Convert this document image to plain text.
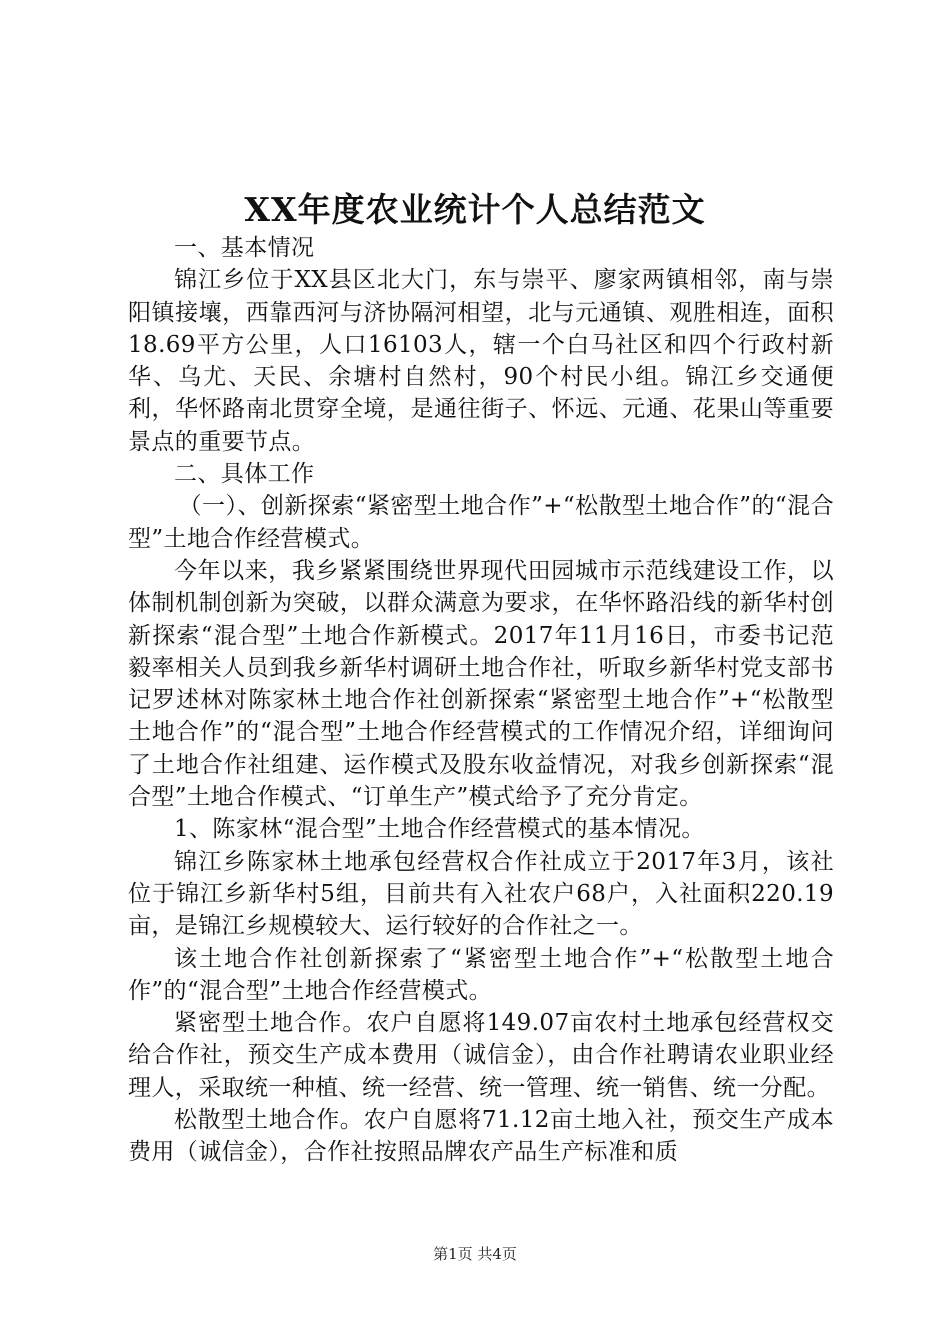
XX年度农业统计个人总结范文

一、基本情况

锦江乡位于XX县区北大门，东与崇平、廖家两镇相邻，南与崇阳镇接壤，西靠西河与济协隔河相望，北与元通镇、观胜相连，面积18.69平方公里，人口16103人，辖一个白马社区和四个行政村新华、乌尤、天民、余塘村自然村，90个村民小组。锦江乡交通便利，华怀路南北贯穿全境，是通往街子、怀远、元通、花果山等重要景点的重要节点。

二、具体工作

（一）、创新探索“紧密型土地合作”+“松散型土地合作”的“混合型”土地合作经营模式。

今年以来，我乡紧紧围绕世界现代田园城市示范线建设工作，以体制机制创新为突破，以群众满意为要求，在华怀路沿线的新华村创新探索“混合型”土地合作新模式。2017年11月16日，市委书记范毅率相关人员到我乡新华村调研土地合作社，听取乡新华村党支部书记罗述林对陈家林土地合作社创新探索“紧密型土地合作”+“松散型土地合作”的“混合型”土地合作经营模式的工作情况介绍，详细询问了土地合作社组建、运作模式及股东收益情况，对我乡创新探索“混合型”土地合作模式、“订单生产”模式给予了充分肯定。

1、陈家林“混合型”土地合作经营模式的基本情况。

锦江乡陈家林土地承包经营权合作社成立于2017年3月，该社位于锦江乡新华村5组，目前共有入社农户68户，入社面积220.19亩，是锦江乡规模较大、运行较好的合作社之一。

该土地合作社创新探索了“紧密型土地合作”+“松散型土地合作”的“混合型”土地合作经营模式。

紧密型土地合作。农户自愿将149.07亩农村土地承包经营权交给合作社，预交生产成本费用（诚信金），由合作社聘请农业职业经理人，采取统一种植、统一经营、统一管理、统一销售、统一分配。

松散型土地合作。农户自愿将71.12亩土地入社，预交生产成本费用（诚信金），合作社按照品牌农产品生产标准和质

第1页 共4页
